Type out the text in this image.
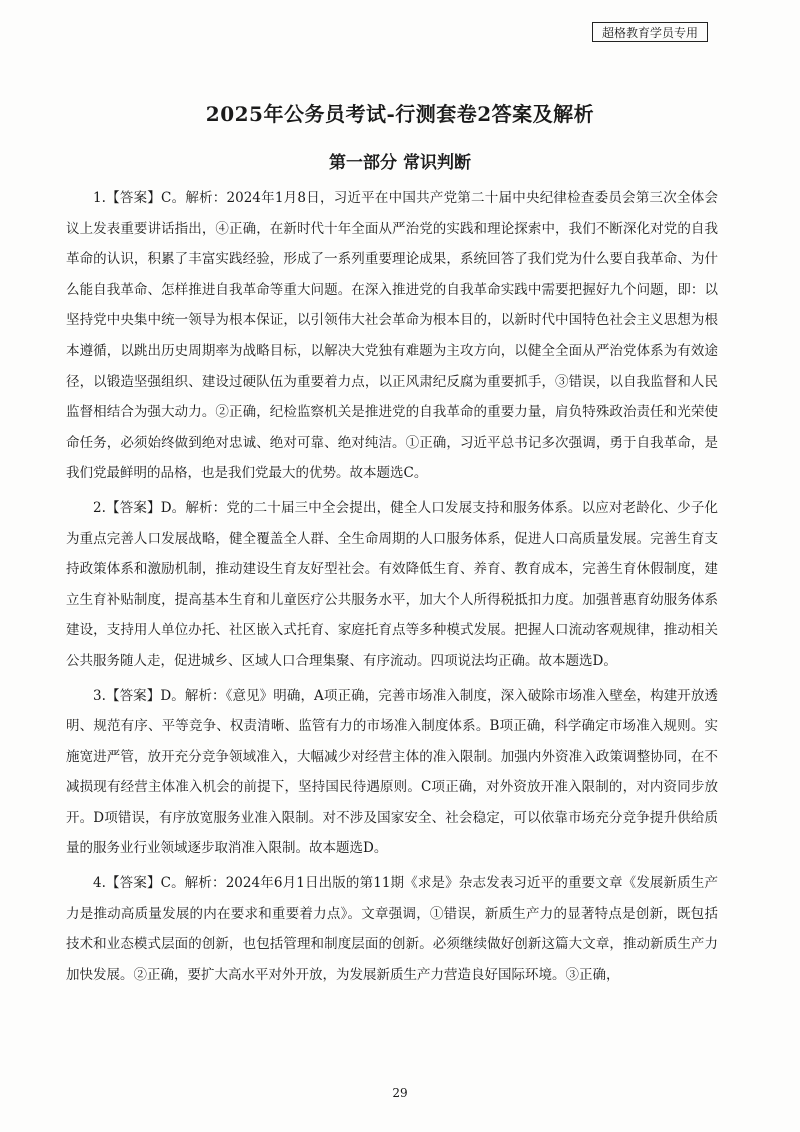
超格教育学员专用
2025年公务员考试-行测套卷2答案及解析
第一部分 常识判断

1.【答案】C。解析：2024年1月8日，习近平在中国共产党第二十届中央纪律检查委员会第三次全体会议上发表重要讲话指出，④正确，在新时代十年全面从严治党的实践和理论探索中，我们不断深化对党的自我革命的认识，积累了丰富实践经验，形成了一系列重要理论成果，系统回答了我们党为什么要自我革命、为什么能自我革命、怎样推进自我革命等重大问题。在深入推进党的自我革命实践中需要把握好九个问题，即：以坚持党中央集中统一领导为根本保证，以引领伟大社会革命为根本目的，以新时代中国特色社会主义思想为根本遵循，以跳出历史周期率为战略目标，以解决大党独有难题为主攻方向，以健全全面从严治党体系为有效途径，以锻造坚强组织、建设过硬队伍为重要着力点，以正风肃纪反腐为重要抓手，③错误，以自我监督和人民监督相结合为强大动力。②正确，纪检监察机关是推进党的自我革命的重要力量，肩负特殊政治责任和光荣使命任务，必须始终做到绝对忠诚、绝对可靠、绝对纯洁。①正确，习近平总书记多次强调，勇于自我革命，是我们党最鲜明的品格，也是我们党最大的优势。故本题选C。

2.【答案】D。解析：党的二十届三中全会提出，健全人口发展支持和服务体系。以应对老龄化、少子化为重点完善人口发展战略，健全覆盖全人群、全生命周期的人口服务体系，促进人口高质量发展。完善生育支持政策体系和激励机制，推动建设生育友好型社会。有效降低生育、养育、教育成本，完善生育休假制度，建立生育补贴制度，提高基本生育和儿童医疗公共服务水平，加大个人所得税抵扣力度。加强普惠育幼服务体系建设，支持用人单位办托、社区嵌入式托育、家庭托育点等多种模式发展。把握人口流动客观规律，推动相关公共服务随人走，促进城乡、区域人口合理集聚、有序流动。四项说法均正确。故本题选D。

3.【答案】D。解析：《意见》明确，A项正确，完善市场准入制度，深入破除市场准入壁垒，构建开放透明、规范有序、平等竞争、权责清晰、监管有力的市场准入制度体系。B项正确，科学确定市场准入规则。实施宽进严管，放开充分竞争领域准入，大幅减少对经营主体的准入限制。加强内外资准入政策调整协同，在不减损现有经营主体准入机会的前提下，坚持国民待遇原则。C项正确，对外资放开准入限制的，对内资同步放开。D项错误，有序放宽服务业准入限制。对不涉及国家安全、社会稳定，可以依靠市场充分竞争提升供给质量的服务业行业领域逐步取消准入限制。故本题选D。

4.【答案】C。解析：2024年6月1日出版的第11期《求是》杂志发表习近平的重要文章《发展新质生产力是推动高质量发展的内在要求和重要着力点》。文章强调，①错误，新质生产力的显著特点是创新，既包括技术和业态模式层面的创新，也包括管理和制度层面的创新。必须继续做好创新这篇大文章，推动新质生产力加快发展。②正确，要扩大高水平对外开放，为发展新质生产力营造良好国际环境。③正确，

29
